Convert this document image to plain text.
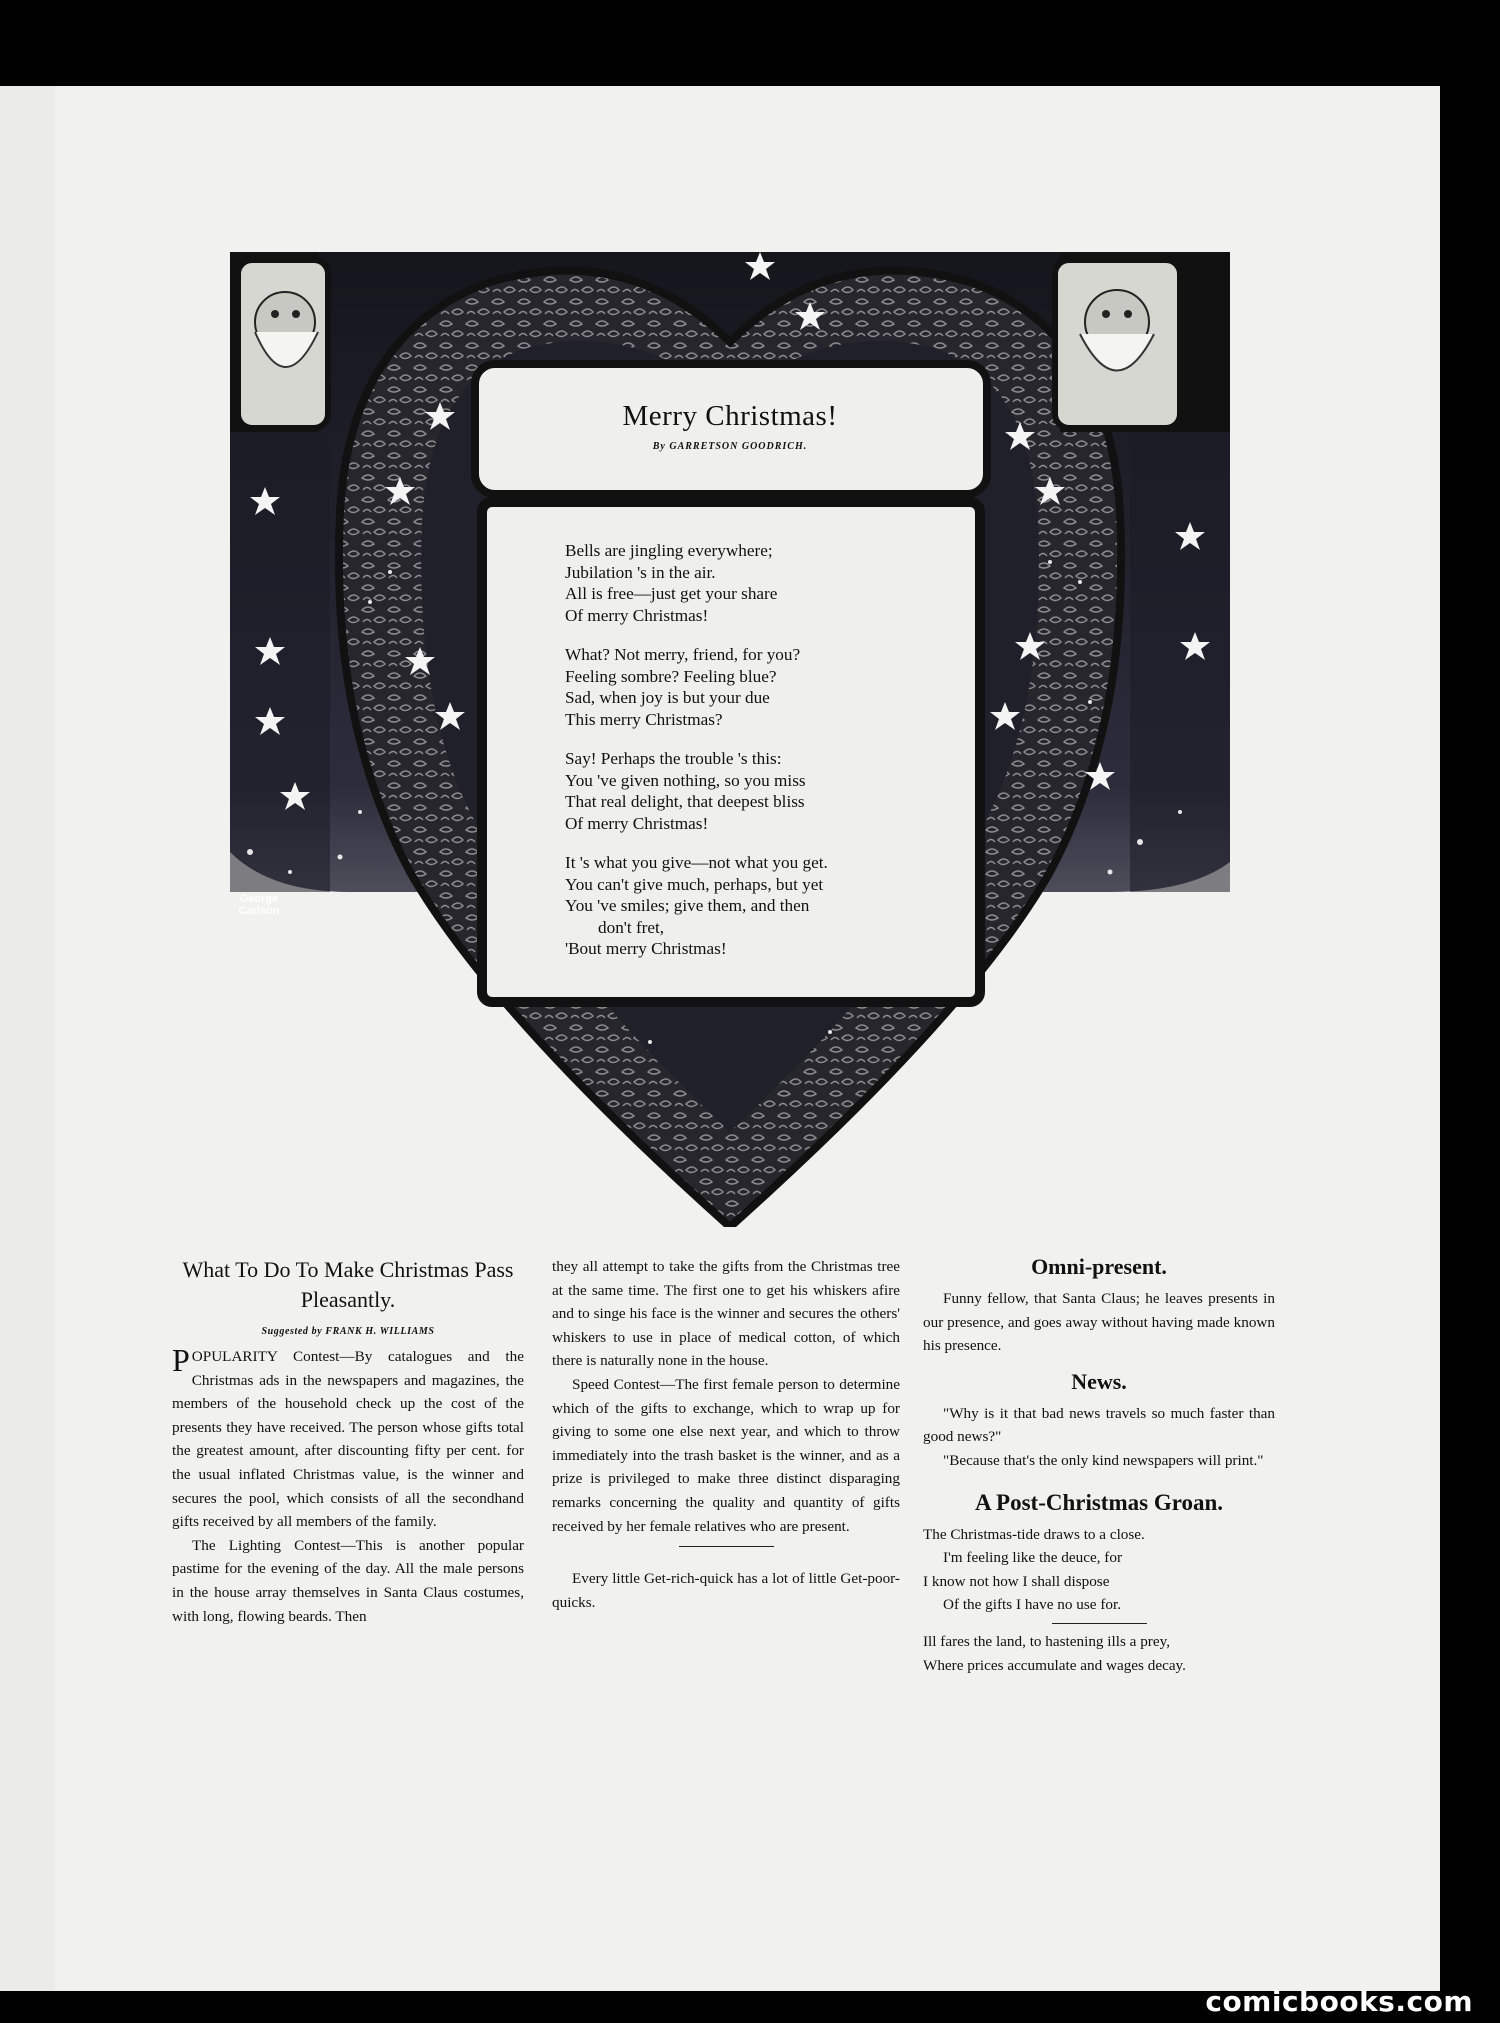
George
Carlson
Merry Christmas!
By GARRETSON GOODRICH.
Bells are jingling everywhere;
Jubilation 's in the air.
All is free—just get your share
Of merry Christmas!
What? Not merry, friend, for you?
Feeling sombre? Feeling blue?
Sad, when joy is but your due
This merry Christmas?
Say! Perhaps the trouble 's this:
You 've given nothing, so you miss
That real delight, that deepest bliss
Of merry Christmas!
It 's what you give—not what you get.
You can't give much, perhaps, but yet
You 've smiles; give them, and then
don't fret,
'Bout merry Christmas!
What To Do To Make Christmas Pass Pleasantly.
Suggested by FRANK H. WILLIAMS

POPULARITY Contest—By catalogues and the Christmas ads in the newspapers and magazines, the members of the household check up the cost of the presents they have received. The person whose gifts total the greatest amount, after discounting fifty per cent. for the usual inflated Christmas value, is the winner and secures the pool, which consists of all the secondhand gifts received by all members of the family.

The Lighting Contest—This is another popular pastime for the evening of the day. All the male persons in the house array themselves in Santa Claus costumes, with long, flowing beards. Then

they all attempt to take the gifts from the Christmas tree at the same time. The first one to get his whiskers afire and to singe his face is the winner and secures the others' whiskers to use in place of medical cotton, of which there is naturally none in the house.

Speed Contest—The first female person to determine which of the gifts to exchange, which to wrap up for giving to some one else next year, and which to throw immediately into the trash basket is the winner, and as a prize is privileged to make three distinct disparaging remarks concerning the quality and quantity of gifts received by her female relatives who are present.

Every little Get-rich-quick has a lot of little Get-poor-quicks.

Omni-present.

Funny fellow, that Santa Claus; he leaves presents in our presence, and goes away without having made known his presence.

News.

"Why is it that bad news travels so much faster than good news?"

"Because that's the only kind newspapers will print."

A Post-Christmas Groan.
The Christmas-tide draws to a close.
I'm feeling like the deuce, for
I know not how I shall dispose
Of the gifts I have no use for.
Ill fares the land, to hastening ills a prey,
Where prices accumulate and wages decay.
comicbooks.com
